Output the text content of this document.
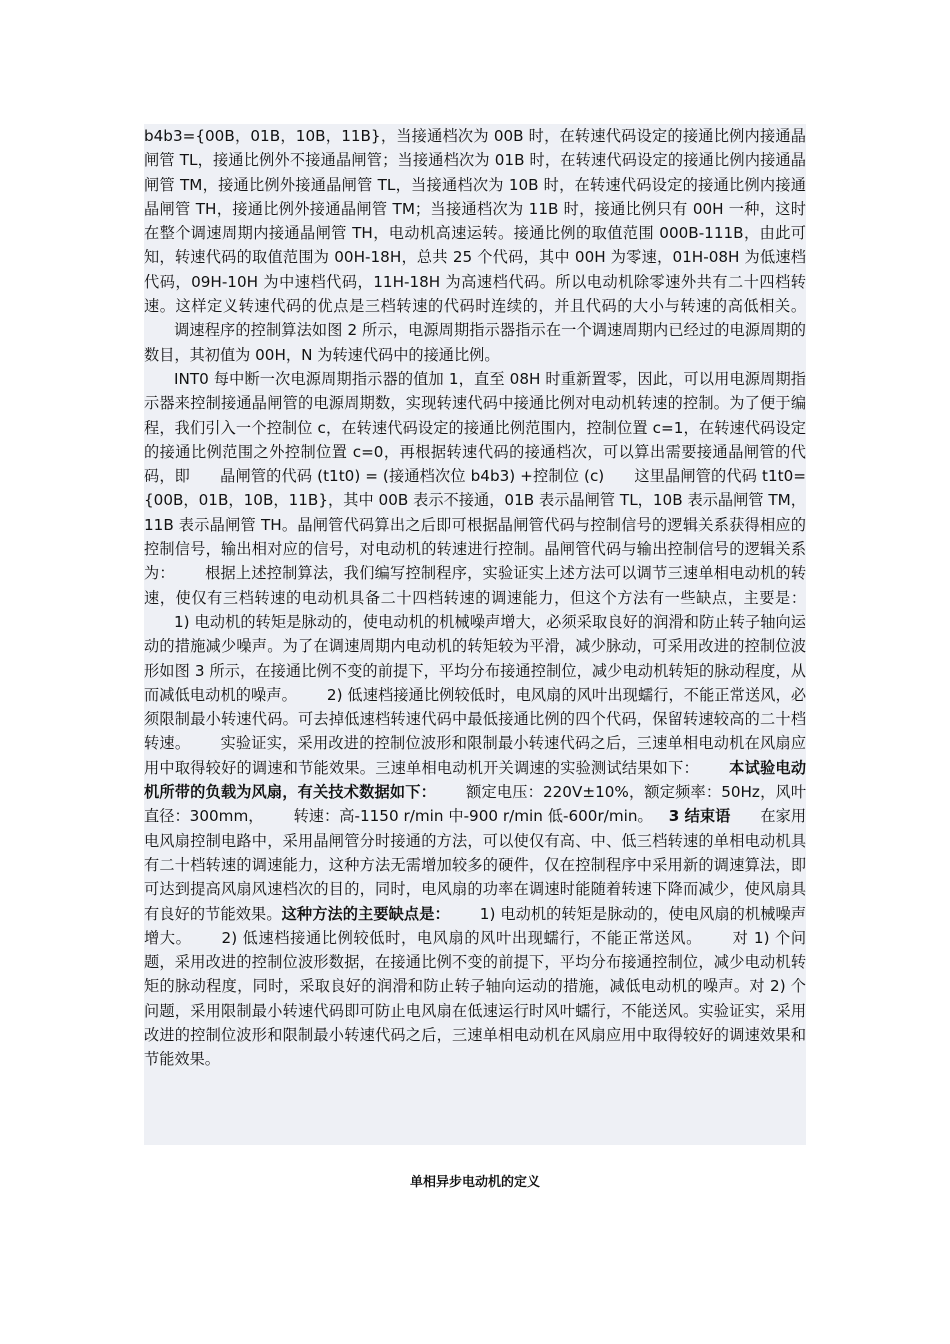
b4b3={00B，01B，10B，11B}，当接通档次为 00B 时，在转速代码设定的接通比例内接通晶闸管 TL，接通比例外不接通晶闸管；当接通档次为 01B 时，在转速代码设定的接通比例内接通晶闸管 TM，接通比例外接通晶闸管 TL，当接通档次为 10B 时，在转速代码设定的接通比例内接通晶闸管 TH，接通比例外接通晶闸管 TM；当接通档次为 11B 时，接通比例只有 00H 一种，这时在整个调速周期内接通晶闸管 TH，电动机高速运转。接通比例的取值范围 000B-111B，由此可知，转速代码的取值范围为 00H-18H，总共 25 个代码，其中 00H 为零速，01H-08H 为低速档代码，09H-10H 为中速档代码，11H-18H 为高速档代码。所以电动机除零速外共有二十四档转速。这样定义转速代码的优点是三档转速的代码时连续的，并且代码的大小与转速的高低相关。

调速程序的控制算法如图 2 所示，电源周期指示器指示在一个调速周期内已经过的电源周期的数目，其初值为 00H，N 为转速代码中的接通比例。

INT0 每中断一次电源周期指示器的值加 1，直至 08H 时重新置零，因此，可以用电源周期指示器来控制接通晶闸管的电源周期数，实现转速代码中接通比例对电动机转速的控制。为了便于编程，我们引入一个控制位 c，在转速代码设定的接通比例范围内，控制位置 c=1，在转速代码设定的接通比例范围之外控制位置 c=0，再根据转速代码的接通档次，可以算出需要接通晶闸管的代码，即 晶闸管的代码 (t1t0) = (接通档次位 b4b3) +控制位 (c) 这里晶闸管的代码 t1t0={00B，01B，10B，11B}，其中 00B 表示不接通，01B 表示晶闸管 TL，10B 表示晶闸管 TM，11B 表示晶闸管 TH。晶闸管代码算出之后即可根据晶闸管代码与控制信号的逻辑关系获得相应的控制信号，输出相对应的信号，对电动机的转速进行控制。晶闸管代码与输出控制信号的逻辑关系为： 根据上述控制算法，我们编写控制程序，实验证实上述方法可以调节三速单相电动机的转速，使仅有三档转速的电动机具备二十四档转速的调速能力，但这个方法有一些缺点，主要是：

1) 电动机的转矩是脉动的，使电动机的机械噪声增大，必须采取良好的润滑和防止转子轴向运动的措施减少噪声。为了在调速周期内电动机的转矩较为平滑，减少脉动，可采用改进的控制位波形如图 3 所示，在接通比例不变的前提下，平均分布接通控制位，减少电动机转矩的脉动程度，从而减低电动机的噪声。 2) 低速档接通比例较低时，电风扇的风叶出现蠕行，不能正常送风，必须限制最小转速代码。可去掉低速档转速代码中最低接通比例的四个代码，保留转速较高的二十档转速。 实验证实，采用改进的控制位波形和限制最小转速代码之后，三速单相电动机在风扇应用中取得较好的调速和节能效果。三速单相电动机开关调速的实验测试结果如下： 本试验电动机所带的负载为风扇，有关技术数据如下： 额定电压：220V±10%，额定频率：50Hz，风叶直径：300mm， 转速：高-1150 r/min 中-900 r/min 低-600r/min。 3 结束语 在家用电风扇控制电路中，采用晶闸管分时接通的方法，可以使仅有高、中、低三档转速的单相电动机具有二十档转速的调速能力，这种方法无需增加较多的硬件，仅在控制程序中采用新的调速算法，即可达到提高风扇风速档次的目的，同时，电风扇的功率在调速时能随着转速下降而减少，使风扇具有良好的节能效果。

这种方法的主要缺点是： 1) 电动机的转矩是脉动的，使电风扇的机械噪声增大。 2) 低速档接通比例较低时，电风扇的风叶出现蠕行，不能正常送风。 对 1) 个问题，采用改进的控制位波形数据，在接通比例不变的前提下，平均分布接通控制位，减少电动机转矩的脉动程度，同时，采取良好的润滑和防止转子轴向运动的措施，减低电动机的噪声。对 2) 个问题，采用限制最小转速代码即可防止电风扇在低速运行时风叶蠕行，不能送风。实验证实，采用改进的控制位波形和限制最小转速代码之后，三速单相电动机在风扇应用中取得较好的调速效果和节能效果。

单相异步电动机的定义
